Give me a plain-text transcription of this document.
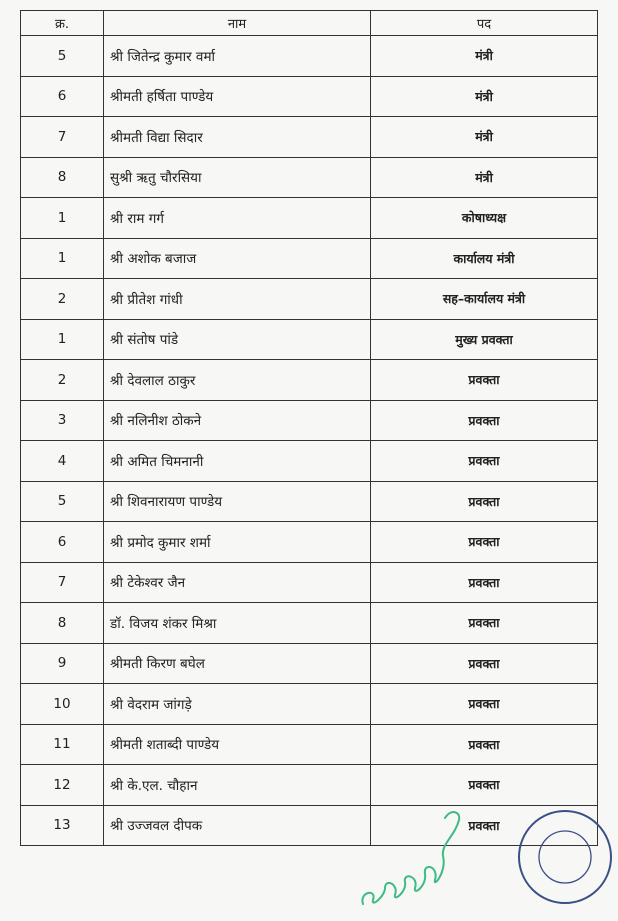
क्र.	नाम	पद
5	श्री जितेन्द्र कुमार वर्मा	मंत्री
6	श्रीमती हर्षिता पाण्डेय	मंत्री
7	श्रीमती विद्या सिदार	मंत्री
8	सुश्री ऋतु चौरसिया	मंत्री
1	श्री राम गर्ग	कोषाध्यक्ष
1	श्री अशोक बजाज	कार्यालय मंत्री
2	श्री प्रीतेश गांधी	सह–कार्यालय मंत्री
1	श्री संतोष पांडे	मुख्य प्रवक्ता
2	श्री देवलाल ठाकुर	प्रवक्ता
3	श्री नलिनीश ठोकने	प्रवक्ता
4	श्री अमित चिमनानी	प्रवक्ता
5	श्री शिवनारायण पाण्डेय	प्रवक्ता
6	श्री प्रमोद कुमार शर्मा	प्रवक्ता
7	श्री टेकेश्वर जैन	प्रवक्ता
8	डॉ. विजय शंकर मिश्रा	प्रवक्ता
9	श्रीमती किरण बघेल	प्रवक्ता
10	श्री वेदराम जांगड़े	प्रवक्ता
11	श्रीमती शताब्दी पाण्डेय	प्रवक्ता
12	श्री के.एल. चौहान	प्रवक्ता
13	श्री उज्जवल दीपक	प्रवक्ता
